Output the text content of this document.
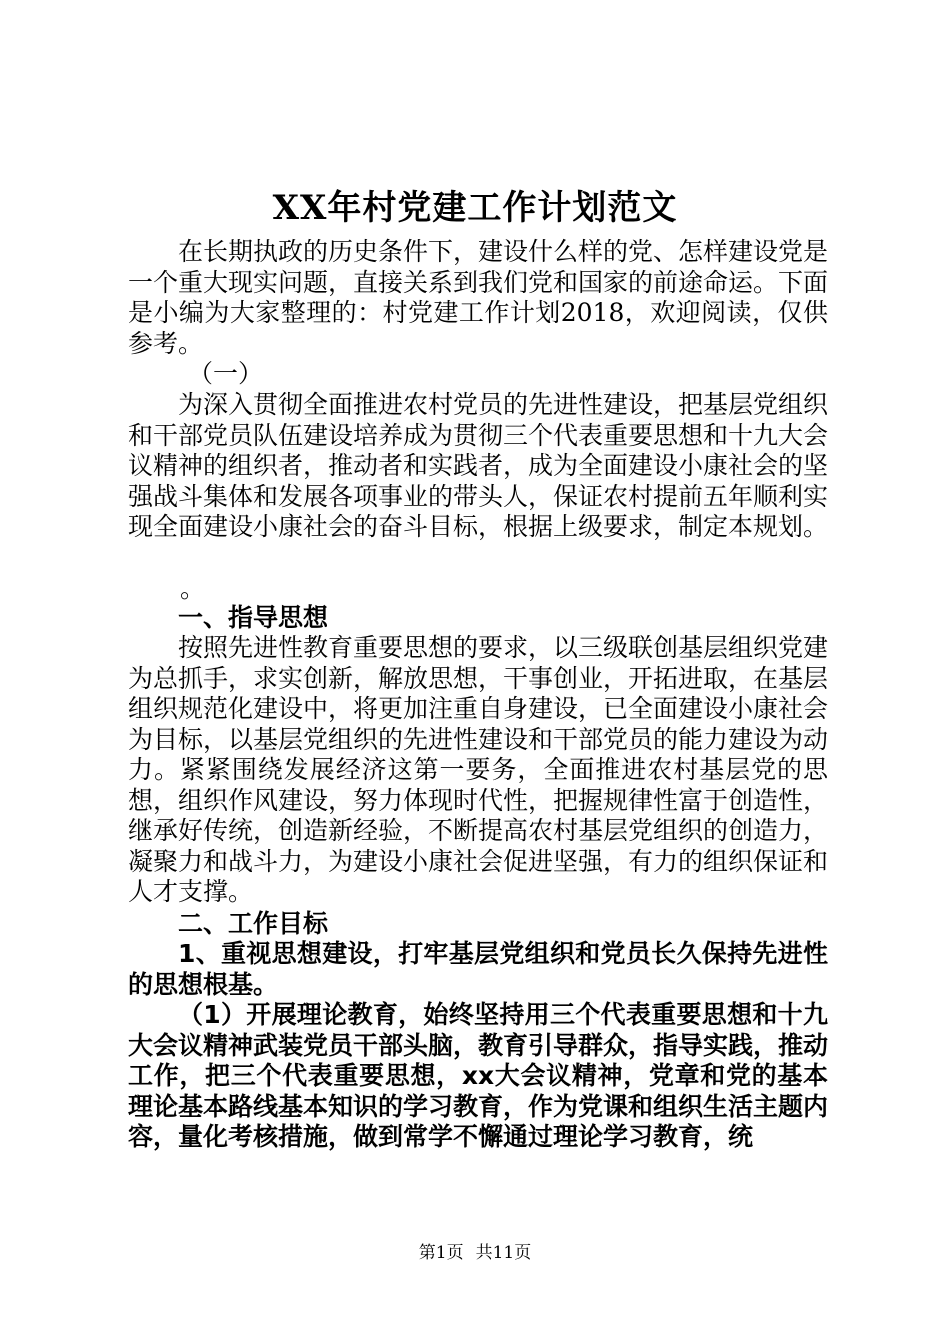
XX年村党建工作计划范文

在长期执政的历史条件下，建设什么样的党、怎样建设党是一个重大现实问题，直接关系到我们党和国家的前途命运。下面是小编为大家整理的：村党建工作计划2018，欢迎阅读，仅供参考。

（一）

为深入贯彻全面推进农村党员的先进性建设，把基层党组织和干部党员队伍建设培养成为贯彻三个代表重要思想和十九大会议精神的组织者，推动者和实践者，成为全面建设小康社会的坚强战斗集体和发展各项事业的带头人，保证农村提前五年顺利实现全面建设小康社会的奋斗目标，根据上级要求，制定本规划。

。

一、指导思想

按照先进性教育重要思想的要求，以三级联创基层组织党建为总抓手，求实创新，解放思想，干事创业，开拓进取，在基层组织规范化建设中，将更加注重自身建设，已全面建设小康社会为目标，以基层党组织的先进性建设和干部党员的能力建设为动力。紧紧围绕发展经济这第一要务，全面推进农村基层党的思想，组织作风建设，努力体现时代性，把握规律性富于创造性，继承好传统，创造新经验，不断提高农村基层党组织的创造力，凝聚力和战斗力，为建设小康社会促进坚强，有力的组织保证和人才支撑。

二、工作目标

1、重视思想建设，打牢基层党组织和党员长久保持先进性的思想根基。

（1）开展理论教育，始终坚持用三个代表重要思想和十九大会议精神武装党员干部头脑，教育引导群众，指导实践，推动工作，把三个代表重要思想，xx大会议精神，党章和党的基本理论基本路线基本知识的学习教育，作为党课和组织生活主题内容，量化考核措施，做到常学不懈通过理论学习教育，统

第1页 共11页
